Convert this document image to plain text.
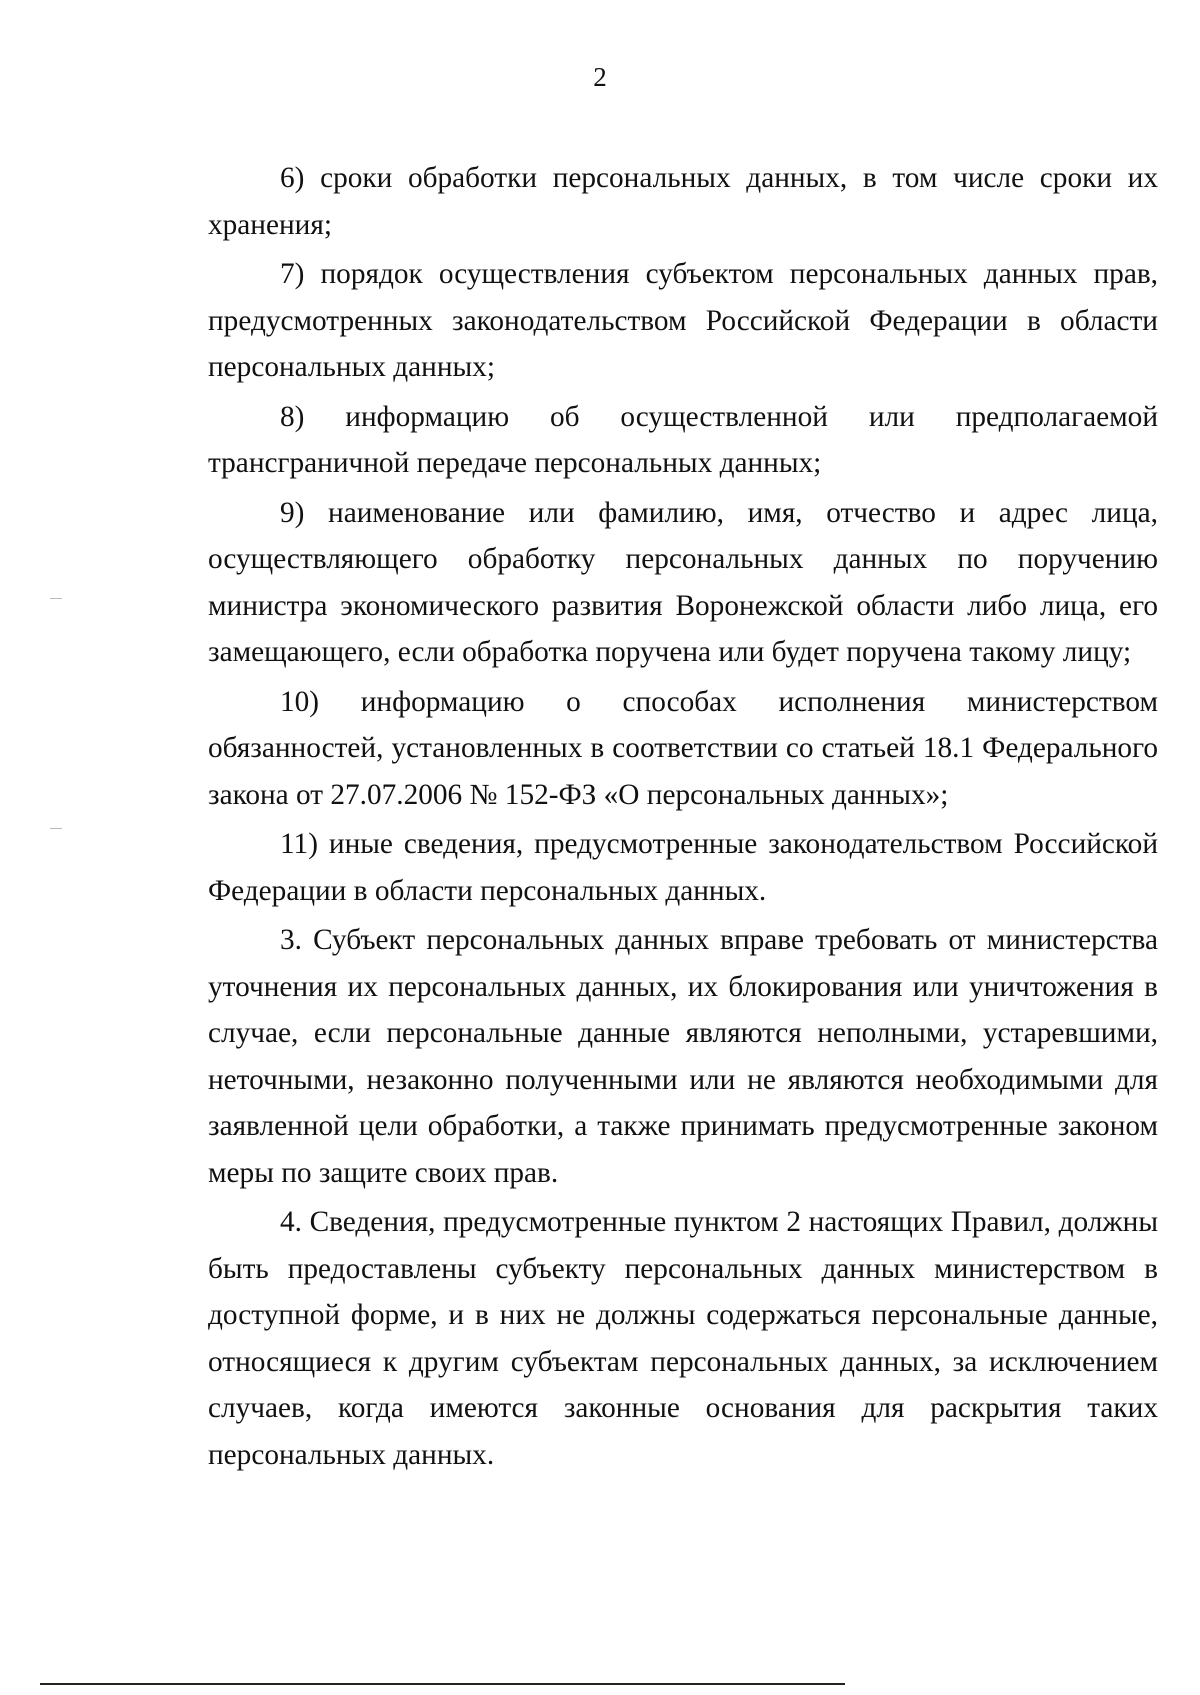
2

6) сроки обработки персональных данных, в том числе сроки их хранения;

7) порядок осуществления субъектом персональных данных прав, предусмотренных законодательством Российской Федерации в области персональных данных;

8) информацию об осуществленной или предполагаемой трансграничной передаче персональных данных;

9) наименование или фамилию, имя, отчество и адрес лица, осуществляющего обработку персональных данных по поручению министра экономического развития Воронежской области либо лица, его замещающего, если обработка поручена или будет поручена такому лицу;

10) информацию о способах исполнения министерством обязанностей, установленных в соответствии со статьей 18.1 Федерального закона от 27.07.2006 № 152-ФЗ «О персональных данных»;

11) иные сведения, предусмотренные законодательством Российской Федерации в области персональных данных.

3. Субъект персональных данных вправе требовать от министерства уточнения их персональных данных, их блокирования или уничтожения в случае, если персональные данные являются неполными, устаревшими, неточными, незаконно полученными или не являются необходимыми для заявленной цели обработки, а также принимать предусмотренные законом меры по защите своих прав.

4. Сведения, предусмотренные пунктом 2 настоящих Правил, должны быть предоставлены субъекту персональных данных министерством в доступной форме, и в них не должны содержаться персональные данные, относящиеся к другим субъектам персональных данных, за исключением случаев, когда имеются законные основания для раскрытия таких персональных данных.
